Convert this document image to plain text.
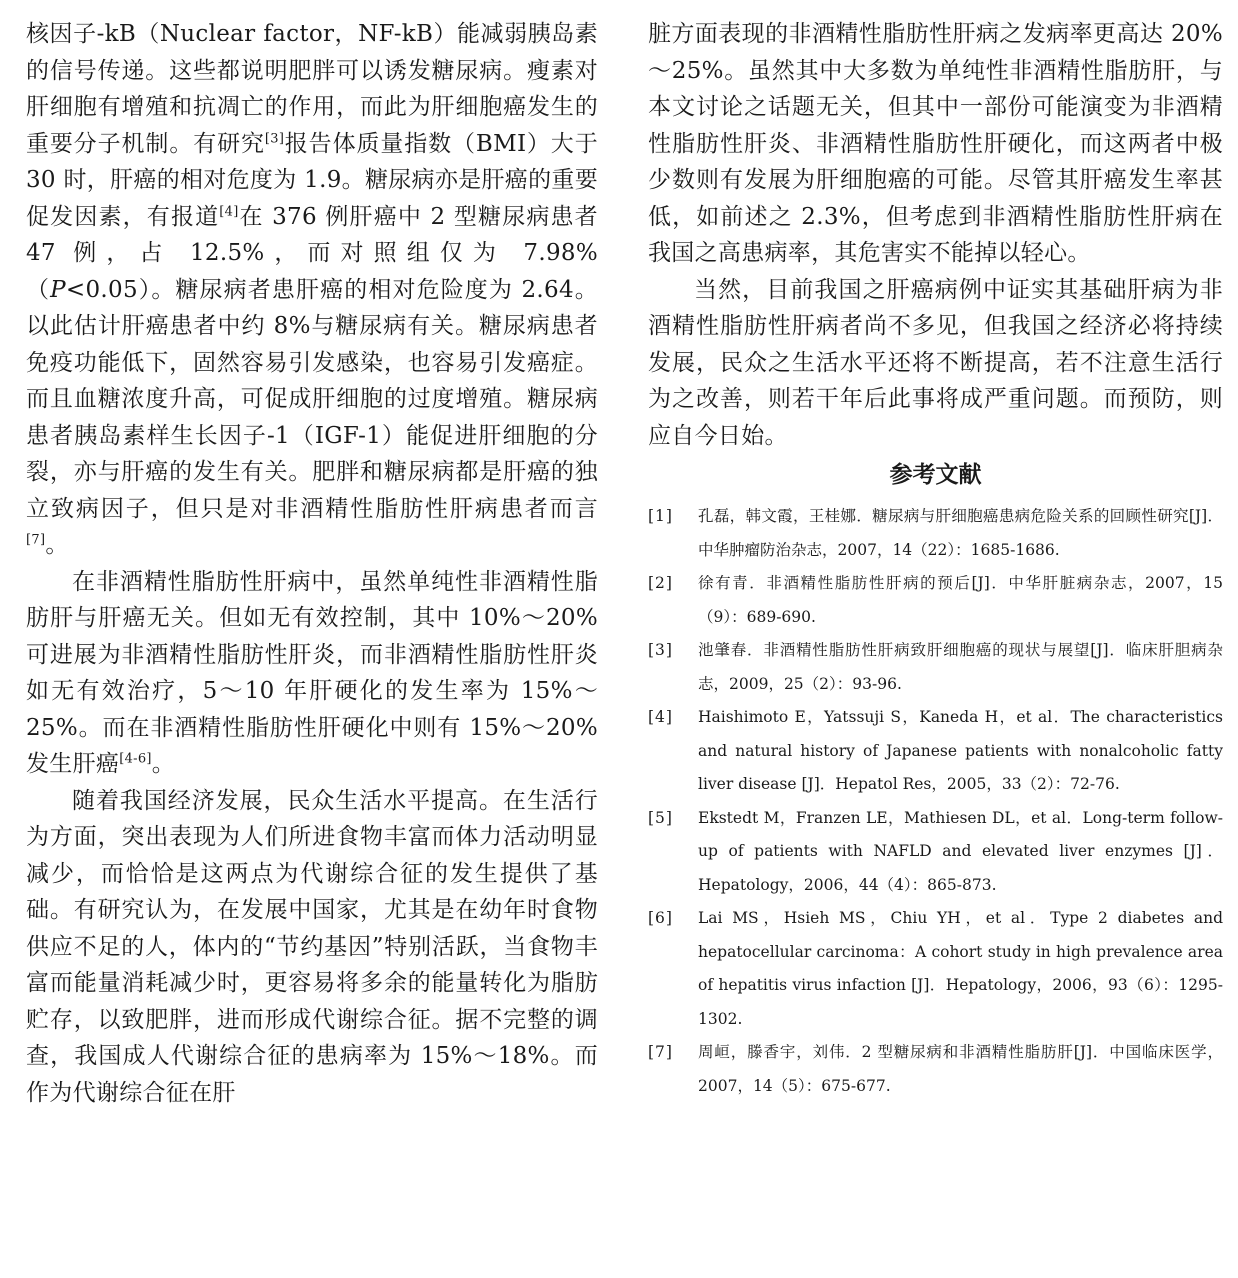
核因子-kB（Nuclear factor，NF-kB）能减弱胰岛素的信号传递。这些都说明肥胖可以诱发糖尿病。瘦素对肝细胞有增殖和抗凋亡的作用，而此为肝细胞癌发生的重要分子机制。有研究[3]报告体质量指数（BMI）大于 30 时，肝癌的相对危度为 1.9。糖尿病亦是肝癌的重要促发因素，有报道[4]在 376 例肝癌中 2 型糖尿病患者 47 例，占 12.5%，而对照组仅为 7.98%（P<0.05）。糖尿病者患肝癌的相对危险度为 2.64。以此估计肝癌患者中约 8%与糖尿病有关。糖尿病患者免疫功能低下，固然容易引发感染，也容易引发癌症。而且血糖浓度升高，可促成肝细胞的过度增殖。糖尿病患者胰岛素样生长因子-1（IGF-1）能促进肝细胞的分裂，亦与肝癌的发生有关。肥胖和糖尿病都是肝癌的独立致病因子，但只是对非酒精性脂肪性肝病患者而言[7]。

在非酒精性脂肪性肝病中，虽然单纯性非酒精性脂肪肝与肝癌无关。但如无有效控制，其中 10%～20%可进展为非酒精性脂肪性肝炎，而非酒精性脂肪性肝炎如无有效治疗，5～10 年肝硬化的发生率为 15%～25%。而在非酒精性脂肪性肝硬化中则有 15%～20%发生肝癌[4-6]。

随着我国经济发展，民众生活水平提高。在生活行为方面，突出表现为人们所进食物丰富而体力活动明显减少，而恰恰是这两点为代谢综合征的发生提供了基础。有研究认为，在发展中国家，尤其是在幼年时食物供应不足的人，体内的“节约基因”特别活跃，当食物丰富而能量消耗减少时，更容易将多余的能量转化为脂肪贮存，以致肥胖，进而形成代谢综合征。据不完整的调查，我国成人代谢综合征的患病率为 15%～18%。而作为代谢综合征在肝

脏方面表现的非酒精性脂肪性肝病之发病率更高达 20%～25%。虽然其中大多数为单纯性非酒精性脂肪肝，与本文讨论之话题无关，但其中一部份可能演变为非酒精性脂肪性肝炎、非酒精性脂肪性肝硬化，而这两者中极少数则有发展为肝细胞癌的可能。尽管其肝癌发生率甚低，如前述之 2.3%，但考虑到非酒精性脂肪性肝病在我国之高患病率，其危害实不能掉以轻心。

当然，目前我国之肝癌病例中证实其基础肝病为非酒精性脂肪性肝病者尚不多见，但我国之经济必将持续发展，民众之生活水平还将不断提高，若不注意生活行为之改善，则若干年后此事将成严重问题。而预防，则应自今日始。

参考文献
[1]	孔磊，韩文霞，王桂娜．糖尿病与肝细胞癌患病危险关系的回顾性研究[J]．中华肿瘤防治杂志，2007，14（22）：1685-1686.
[2]	徐有青．非酒精性脂肪性肝病的预后[J]．中华肝脏病杂志，2007，15（9）：689-690.
[3]	池肇春．非酒精性脂肪性肝病致肝细胞癌的现状与展望[J]．临床肝胆病杂志，2009，25（2）：93-96.
[4]	Haishimoto E，Yatssuji S，Kaneda H，et al．The characteristics and natural history of Japanese patients with nonalcoholic fatty liver disease [J]．Hepatol Res，2005，33（2）：72-76.
[5]	Ekstedt M，Franzen LE，Mathiesen DL，et al．Long-term follow-up of patients with NAFLD and elevated liver enzymes [J]．Hepatology，2006，44（4）：865-873.
[6]	Lai MS，Hsieh MS，Chiu YH，et al．Type 2 diabetes and hepatocellular carcinoma：A cohort study in high prevalence area of hepatitis virus infaction [J]．Hepatology，2006，93（6）：1295-1302.
[7]	周峘，滕香宇，刘伟．2 型糖尿病和非酒精性脂肪肝[J]．中国临床医学，2007，14（5）：675-677.
